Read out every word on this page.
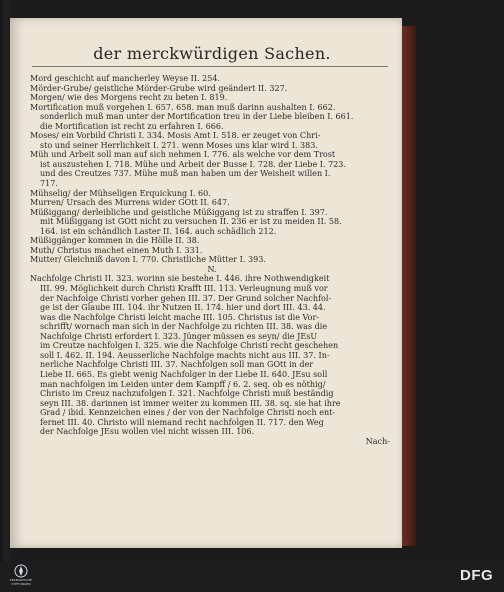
der merckwürdigen Sachen.
Mord geschicht auf mancherley Weyse II. 254.
Mörder-Grube/ geistliche Mörder-Grube wird geändert II. 327.
Morgen/ wie des Morgens recht zu beten I. 819.
Mortification muß vorgehen I. 657. 658. man muß darinn aushalten I. 662.
sonderlich muß man unter der Mortification treu in der Liebe bleiben I. 661.
die Mortification ist recht zu erfahren I. 666.
Moses/ ein Vorbild Christi I. 334. Mosis Amt I. 518. er zeuget von Chri-
sto und seiner Herrlichkeit I. 271. wenn Moses uns klar wird I. 383.
Müh und Arbeit soll man auf sich nehmen I. 776. als welche vor dem Trost
ist auszustehen I. 718. Mühe und Arbeit der Busse I. 728. der Liebe I. 723.
und des Creutzes 737. Mühe muß man haben um der Weisheit willen I.
717.
Mühselig/ der Mühseligen Erquickung I. 60.
Murren/ Ursach des Murrens wider GOtt II. 647.
Müßiggang/ derleibliche und geistliche Müßiggang ist zu straffen I. 397.
mit Müßiggang ist GOtt nicht zu versuchen II. 236 er ist zu meiden II. 58.
164. ist ein schändlich Laster II. 164. auch schädlich 212.
Müßiggänger kommen in die Hölle II. 38.
Muth/ Christus machet einen Muth I. 331.
Mutter/ Gleichniß davon I. 770. Christliche Mütter I. 393.
N.
Nachfolge Christi II. 323. worinn sie bestehe I. 446. ihre Nothwendigkeit
III. 99. Möglichkeit durch Christi Krafft III. 113. Verleugnung muß vor
der Nachfolge Christi vorher gehen III. 37. Der Grund solcher Nachfol-
ge ist der Glaube III. 104. ihr Nutzen II. 174. hier und dort III. 43. 44.
was die Nachfolge Christi leicht mache III. 105. Christus ist die Vor-
schrifft/ wornach man sich in der Nachfolge zu richten III. 38. was die
Nachfolge Christi erfordert I. 323. Jünger müssen es seyn/ die JEsU
im Creutze nachfolgen I. 325. wie die Nachfolge Christi recht geschehen
soll I. 462. II. 194. Aeusserliche Nachfolge machts nicht aus III. 37. In-
nerliche Nachfolge Christi III. 37. Nachfolgen soll man GOtt in der
Liebe II. 665. Es giebt wenig Nachfolger in der Liebe II. 640. JEsu soll
man nachfolgen im Leiden unter dem Kampff / 6. 2. seq. ob es nöthig/
Christo im Creuz nachzufolgen I. 321. Nachfolge Christi muß beständig
seyn III. 38. darinnen ist immer weiter zu kommen III. 38. sq. sie hat ihre
Grad / ibid. Kennzeichen eines / der von der Nachfolge Christi noch ent-
fernet III. 40. Christo will niemand recht nachfolgen II. 717. den Weg
der Nachfolge JEsu wollen viel nicht wissen III. 106.
Nach-
FRANCKESCHE STIFTUNGEN	DFG
